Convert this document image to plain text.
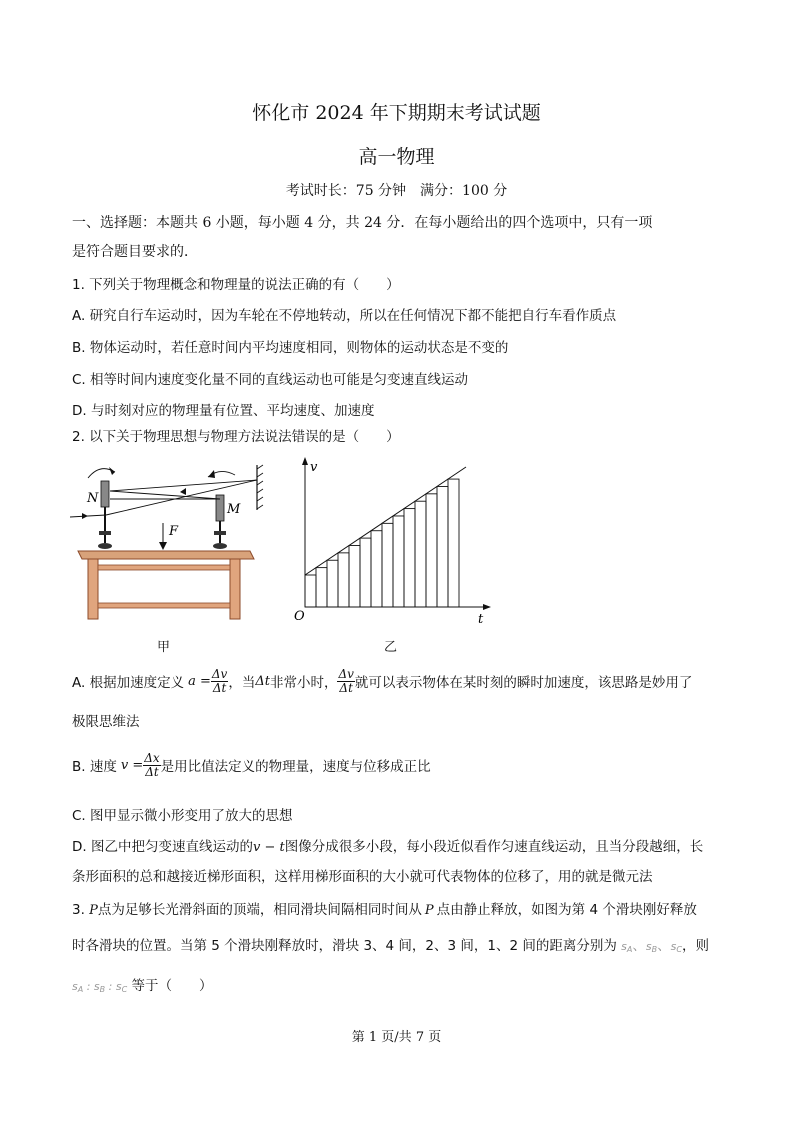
怀化市 2024 年下期期末考试试题
高一物理
考试时长：75 分钟　满分：100 分
一、选择题：本题共 6 小题，每小题 4 分，共 24 分．在每小题给出的四个选项中，只有一项
是符合题目要求的．
1. 下列关于物理概念和物理量的说法正确的有（　　）
A. 研究自行车运动时，因为车轮在不停地转动，所以在任何情况下都不能把自行车看作质点
B. 物体运动时，若任意时间内平均速度相同，则物体的运动状态是不变的
C. 相等时间内速度变化量不同的直线运动也可能是匀变速直线运动
D. 与时刻对应的物理量有位置、平均速度、加速度
2. 以下关于物理思想与物理方法说法错误的是（　　）
N
M
F
甲
v
t
O
乙
A. 根据加速度定义 $a = \frac{\Delta v}{\Delta t}$ ，当 Δt 非常小时， $\frac{\Delta v}{\Delta t}$ 就可以表示物体在某时刻的瞬时加速度，该思路是妙用了
极限思维法
B. 速度 $v = \frac{\Delta x}{\Delta t}$ 是用比值法定义的物理量，速度与位移成正比
C. 图甲显示微小形变用了放大的思想
D. 图乙中把匀变速直线运动的v − t图像分成很多小段，每小段近似看作匀速直线运动，且当分段越细，长
条形面积的总和越接近梯形面积，这样用梯形面积的大小就可代表物体的位移了，用的就是微元法
3. P点为足够长光滑斜面的顶端，相同滑块间隔相同时间从 P 点由静止释放，如图为第 4 个滑块刚好释放
时各滑块的位置。当第 5 个滑块刚释放时，滑块 3、4 间，2、3 间，1、2 间的距离分别为 $s_A$、$s_B$、$s_C$，则
$s_A$ : $s_B$ : $s_C$ 等于（　　）
第 1 页/共 7 页
